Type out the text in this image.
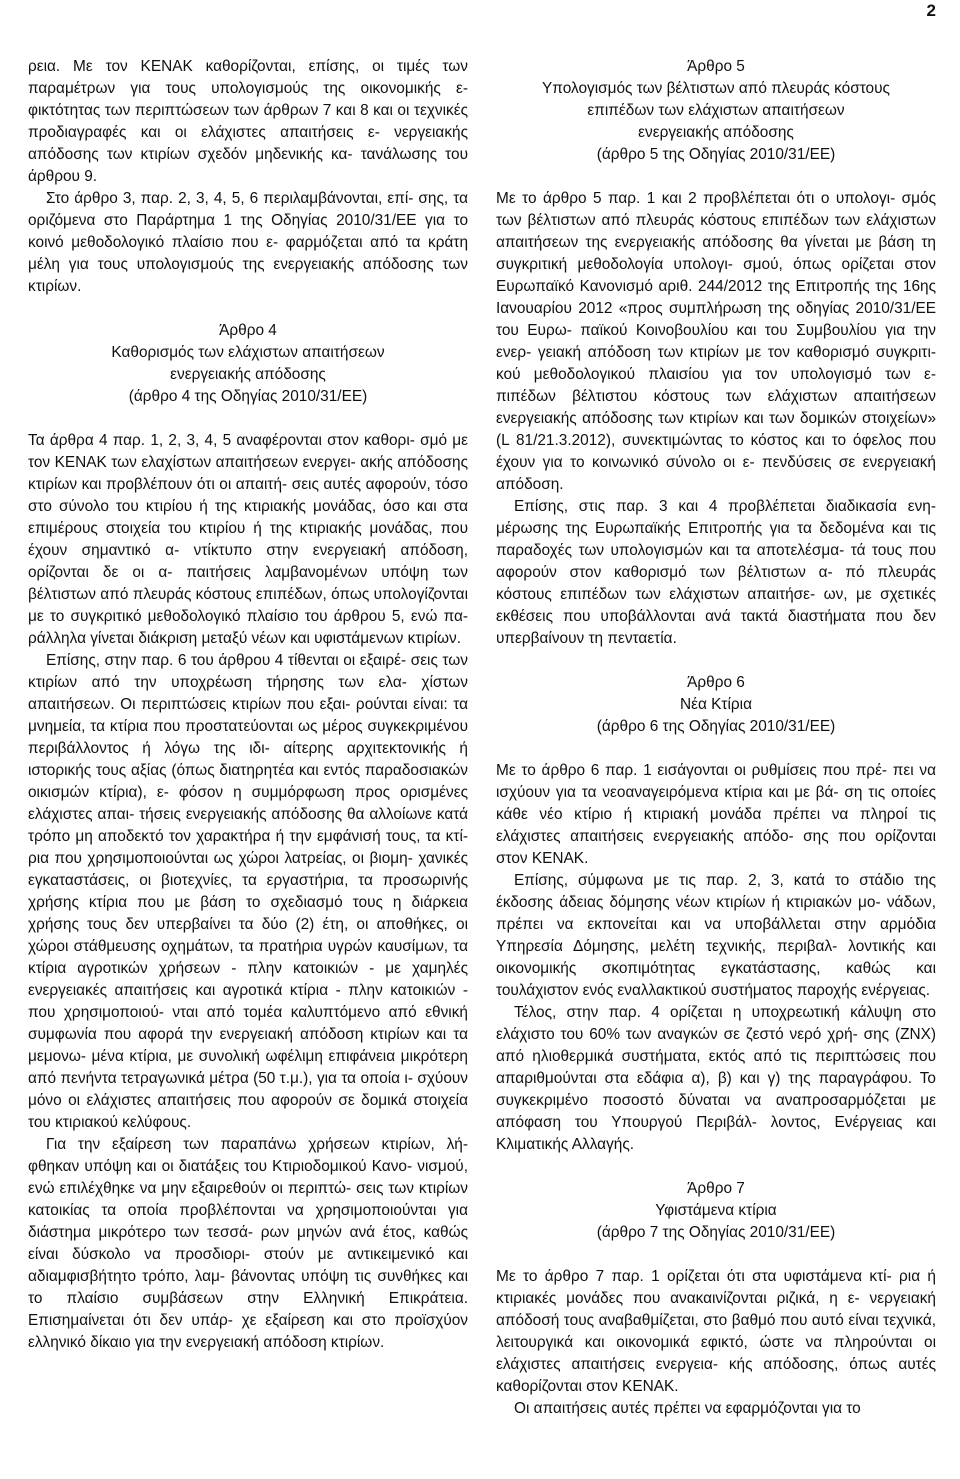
2

ρεια. Με τον ΚΕΝΑΚ καθορίζονται, επίσης, οι τιμές των παραμέτρων για τους υπολογισμούς της οικονομικής ε- φικτότητας των περιπτώσεων των άρθρων 7 και 8 και οι τεχνικές προδιαγραφές και οι ελάχιστες απαιτήσεις ε- νεργειακής απόδοσης των κτιρίων σχεδόν μηδενικής κα- τανάλωσης του άρθρου 9.

Στο άρθρο 3, παρ. 2, 3, 4, 5, 6 περιλαμβάνονται, επί- σης, τα οριζόμενα στο Παράρτημα 1 της Οδηγίας 2010/31/ΕΕ για το κοινό μεθοδολογικό πλαίσιο που ε- φαρμόζεται από τα κράτη μέλη για τους υπολογισμούς της ενεργειακής απόδοσης των κτιρίων.

Άρθρο 4
Καθορισμός των ελάχιστων απαιτήσεων
ενεργειακής απόδοσης
(άρθρο 4 της Οδηγίας 2010/31/ΕΕ)

Τα άρθρα 4 παρ. 1, 2, 3, 4, 5 αναφέρονται στον καθορι- σμό με τον ΚΕΝΑΚ των ελαχίστων απαιτήσεων ενεργει- ακής απόδοσης κτιρίων και προβλέπουν ότι οι απαιτή- σεις αυτές αφορούν, τόσο στο σύνολο του κτιρίου ή της κτιριακής μονάδας, όσο και στα επιμέρους στοιχεία του κτιρίου ή της κτιριακής μονάδας, που έχουν σημαντικό α- ντίκτυπο στην ενεργειακή απόδοση, ορίζονται δε οι α- παιτήσεις λαμβανομένων υπόψη των βέλτιστων από πλευράς κόστους επιπέδων, όπως υπολογίζονται με το συγκριτικό μεθοδολογικό πλαίσιο του άρθρου 5, ενώ πα- ράλληλα γίνεται διάκριση μεταξύ νέων και υφιστάμενων κτιρίων.

Επίσης, στην παρ. 6 του άρθρου 4 τίθενται οι εξαιρέ- σεις των κτιρίων από την υποχρέωση τήρησης των ελα- χίστων απαιτήσεων. Οι περιπτώσεις κτιρίων που εξαι- ρούνται είναι: τα μνημεία, τα κτίρια που προστατεύονται ως μέρος συγκεκριμένου περιβάλλοντος ή λόγω της ιδι- αίτερης αρχιτεκτονικής ή ιστορικής τους αξίας (όπως διατηρητέα και εντός παραδοσιακών οικισμών κτίρια), ε- φόσον η συμμόρφωση προς ορισμένες ελάχιστες απαι- τήσεις ενεργειακής απόδοσης θα αλλοίωνε κατά τρόπο μη αποδεκτό τον χαρακτήρα ή την εμφάνισή τους, τα κτί- ρια που χρησιμοποιούνται ως χώροι λατρείας, οι βιομη- χανικές εγκαταστάσεις, οι βιοτεχνίες, τα εργαστήρια, τα προσωρινής χρήσης κτίρια που με βάση το σχεδιασμό τους η διάρκεια χρήσης τους δεν υπερβαίνει τα δύο (2) έτη, οι αποθήκες, οι χώροι στάθμευσης οχημάτων, τα πρατήρια υγρών καυσίμων, τα κτίρια αγροτικών χρήσεων - πλην κατοικιών - με χαμηλές ενεργειακές απαιτήσεις και αγροτικά κτίρια - πλην κατοικιών - που χρησιμοποιού- νται από τομέα καλυπτόμενο από εθνική συμφωνία που αφορά την ενεργειακή απόδοση κτιρίων και τα μεμονω- μένα κτίρια, με συνολική ωφέλιμη επιφάνεια μικρότερη από πενήντα τετραγωνικά μέτρα (50 τ.μ.), για τα οποία ι- σχύουν μόνο οι ελάχιστες απαιτήσεις που αφορούν σε δομικά στοιχεία του κτιριακού κελύφους.

Για την εξαίρεση των παραπάνω χρήσεων κτιρίων, λή- φθηκαν υπόψη και οι διατάξεις του Κτιριοδομικού Κανο- νισμού, ενώ επιλέχθηκε να μην εξαιρεθούν οι περιπτώ- σεις των κτιρίων κατοικίας τα οποία προβλέπονται να χρησιμοποιούνται για διάστημα μικρότερο των τεσσά- ρων μηνών ανά έτος, καθώς είναι δύσκολο να προσδιορι- στούν με αντικειμενικό και αδιαμφισβήτητο τρόπο, λαμ- βάνοντας υπόψη τις συνθήκες και το πλαίσιο συμβάσεων στην Ελληνική Επικράτεια. Επισημαίνεται ότι δεν υπάρ- χε εξαίρεση και στο προϊσχύον ελληνικό δίκαιο για την ενεργειακή απόδοση κτιρίων.

Άρθρο 5
Υπολογισμός των βέλτιστων από πλευράς κόστους
επιπέδων των ελάχιστων απαιτήσεων
ενεργειακής απόδοσης
(άρθρο 5 της Οδηγίας 2010/31/ΕΕ)

Με το άρθρο 5 παρ. 1 και 2 προβλέπεται ότι ο υπολογι- σμός των βέλτιστων από πλευράς κόστους επιπέδων των ελάχιστων απαιτήσεων της ενεργειακής απόδοσης θα γίνεται με βάση τη συγκριτική μεθοδολογία υπολογι- σμού, όπως ορίζεται στον Ευρωπαϊκό Κανονισμό αριθ. 244/2012 της Επιτροπής της 16ης Ιανουαρίου 2012 «προς συμπλήρωση της οδηγίας 2010/31/ΕΕ του Ευρω- παϊκού Κοινοβουλίου και του Συμβουλίου για την ενερ- γειακή απόδοση των κτιρίων με τον καθορισμό συγκριτι- κού μεθοδολογικού πλαισίου για τον υπολογισμό των ε- πιπέδων βέλτιστου κόστους των ελάχιστων απαιτήσεων ενεργειακής απόδοσης των κτιρίων και των δομικών στοιχείων» (L 81/21.3.2012), συνεκτιμώντας το κόστος και το όφελος που έχουν για το κοινωνικό σύνολο οι ε- πενδύσεις σε ενεργειακή απόδοση.

Επίσης, στις παρ. 3 και 4 προβλέπεται διαδικασία ενη- μέρωσης της Ευρωπαϊκής Επιτροπής για τα δεδομένα και τις παραδοχές των υπολογισμών και τα αποτελέσμα- τά τους που αφορούν στον καθορισμό των βέλτιστων α- πό πλευράς κόστους επιπέδων των ελάχιστων απαιτήσε- ων, με σχετικές εκθέσεις που υποβάλλονται ανά τακτά διαστήματα που δεν υπερβαίνουν τη πενταετία.

Άρθρο 6
Νέα Κτίρια
(άρθρο 6 της Οδηγίας 2010/31/ΕΕ)

Με το άρθρο 6 παρ. 1 εισάγονται οι ρυθμίσεις που πρέ- πει να ισχύουν για τα νεοαναγειρόμενα κτίρια και με βά- ση τις οποίες κάθε νέο κτίριο ή κτιριακή μονάδα πρέπει να πληροί τις ελάχιστες απαιτήσεις ενεργειακής απόδο- σης που ορίζονται στον ΚΕΝΑΚ.

Επίσης, σύμφωνα με τις παρ. 2, 3, κατά το στάδιο της έκδοσης άδειας δόμησης νέων κτιρίων ή κτιριακών μο- νάδων, πρέπει να εκπονείται και να υποβάλλεται στην αρμόδια Υπηρεσία Δόμησης, μελέτη τεχνικής, περιβαλ- λοντικής και οικονομικής σκοπιμότητας εγκατάστασης, καθώς και τουλάχιστον ενός εναλλακτικού συστήματος παροχής ενέργειας.

Τέλος, στην παρ. 4 ορίζεται η υποχρεωτική κάλυψη στο ελάχιστο του 60% των αναγκών σε ζεστό νερό χρή- σης (ΖΝΧ) από ηλιοθερμικά συστήματα, εκτός από τις περιπτώσεις που απαριθμούνται στα εδάφια α), β) και γ) της παραγράφου. Το συγκεκριμένο ποσοστό δύναται να αναπροσαρμόζεται με απόφαση του Υπουργού Περιβάλ- λοντος, Ενέργειας και Κλιματικής Αλλαγής.

Άρθρο 7
Υφιστάμενα κτίρια
(άρθρο 7 της Οδηγίας 2010/31/ΕΕ)

Με το άρθρο 7 παρ. 1 ορίζεται ότι στα υφιστάμενα κτί- ρια ή κτιριακές μονάδες που ανακαινίζονται ριζικά, η ε- νεργειακή απόδοσή τους αναβαθμίζεται, στο βαθμό που αυτό είναι τεχνικά, λειτουργικά και οικονομικά εφικτό, ώστε να πληρούνται οι ελάχιστες απαιτήσεις ενεργεια- κής απόδοσης, όπως αυτές καθορίζονται στον ΚΕΝΑΚ.

Οι απαιτήσεις αυτές πρέπει να εφαρμόζονται για το
